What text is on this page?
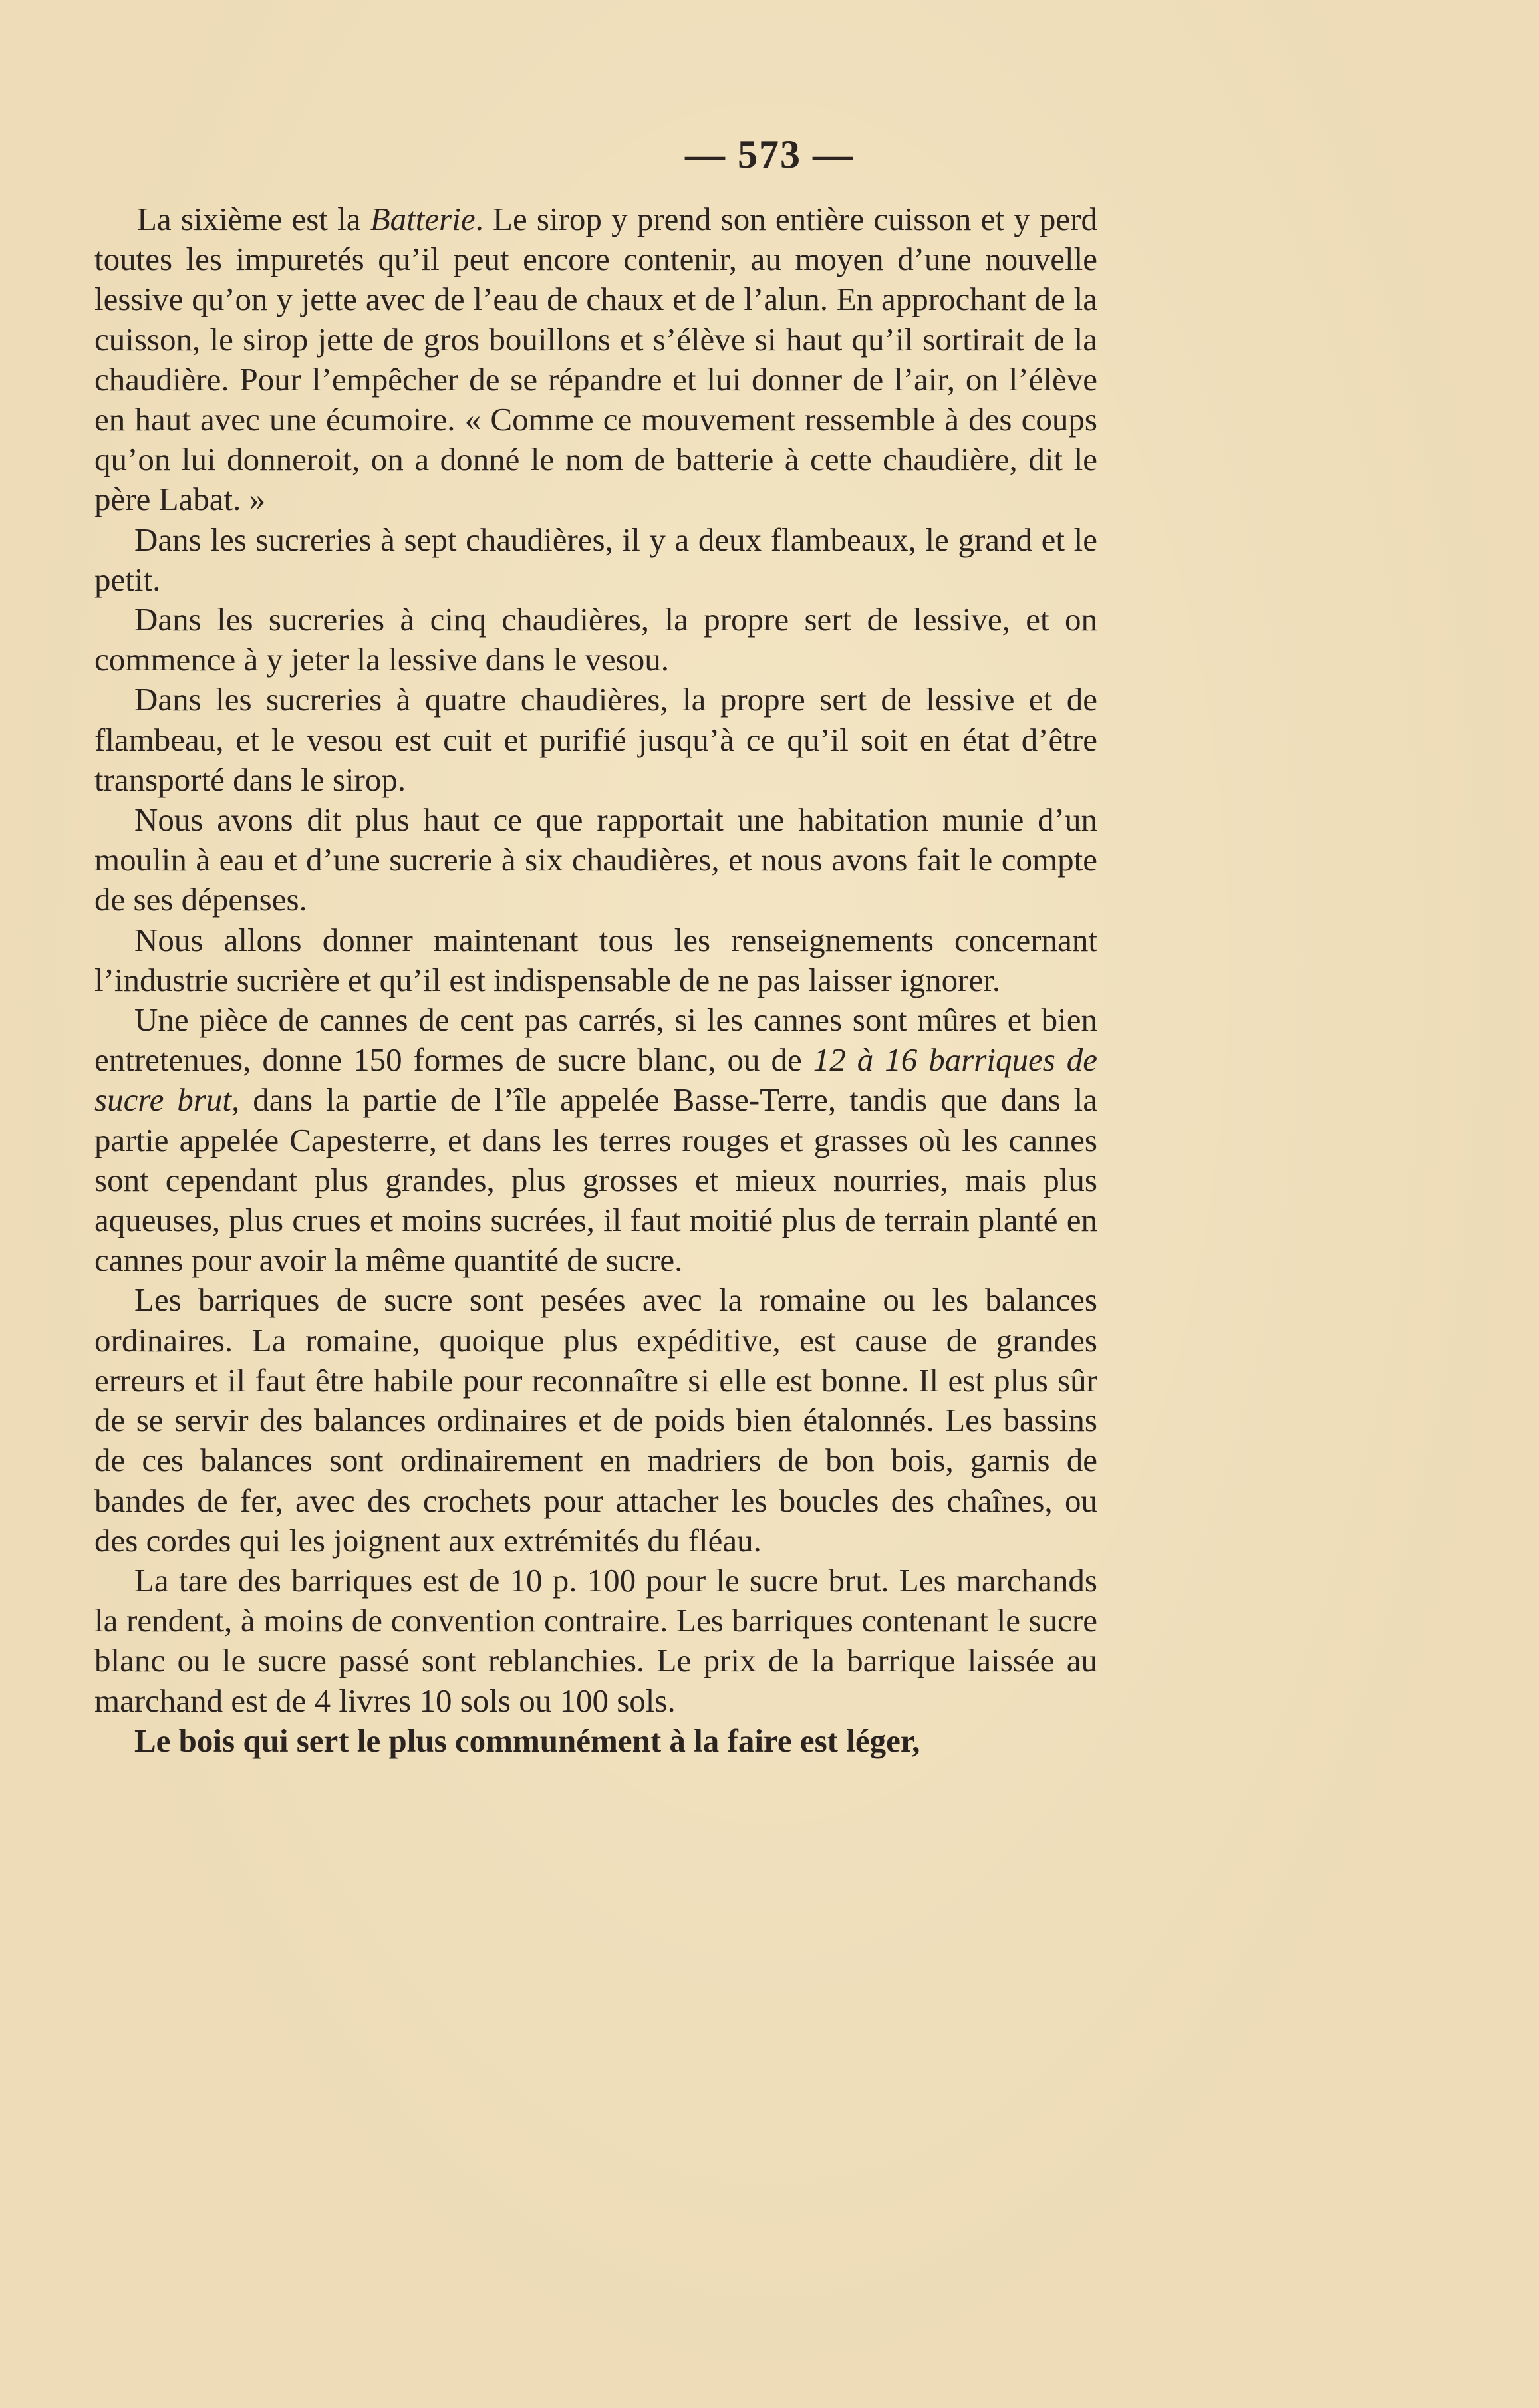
— 573 —

La sixième est la Batterie. Le sirop y prend son entière cuisson et y perd toutes les impuretés qu’il peut encore contenir, au moyen d’une nouvelle lessive qu’on y jette avec de l’eau de chaux et de l’alun. En approchant de la cuisson, le sirop jette de gros bouillons et s’élève si haut qu’il sortirait de la chaudière. Pour l’empêcher de se répandre et lui donner de l’air, on l’élève en haut avec une écumoire. « Comme ce mouvement ressemble à des coups qu’on lui donneroit, on a donné le nom de batterie à cette chaudière, dit le père Labat. »

Dans les sucreries à sept chaudières, il y a deux flambeaux, le grand et le petit.

Dans les sucreries à cinq chaudières, la propre sert de lessive, et on commence à y jeter la lessive dans le vesou.

Dans les sucreries à quatre chaudières, la propre sert de lessive et de flambeau, et le vesou est cuit et purifié jusqu’à ce qu’il soit en état d’être transporté dans le sirop.

Nous avons dit plus haut ce que rapportait une habitation munie d’un moulin à eau et d’une sucrerie à six chaudières, et nous avons fait le compte de ses dépenses.

Nous allons donner maintenant tous les renseignements concernant l’industrie sucrière et qu’il est indispensable de ne pas laisser ignorer.

Une pièce de cannes de cent pas carrés, si les cannes sont mûres et bien entretenues, donne 150 formes de sucre blanc, ou de 12 à 16 barriques de sucre brut, dans la partie de l’île appelée Basse-Terre, tandis que dans la partie appelée Capesterre, et dans les terres rouges et grasses où les cannes sont cependant plus grandes, plus grosses et mieux nourries, mais plus aqueuses, plus crues et moins sucrées, il faut moitié plus de terrain planté en cannes pour avoir la même quantité de sucre.

Les barriques de sucre sont pesées avec la romaine ou les balances ordinaires. La romaine, quoique plus expéditive, est cause de grandes erreurs et il faut être habile pour reconnaître si elle est bonne. Il est plus sûr de se servir des balances ordinaires et de poids bien étalonnés. Les bassins de ces balances sont ordinairement en madriers de bon bois, garnis de bandes de fer, avec des crochets pour attacher les boucles des chaînes, ou des cordes qui les joignent aux extrémités du fléau.

La tare des barriques est de 10 p. 100 pour le sucre brut. Les marchands la rendent, à moins de convention contraire. Les barriques contenant le sucre blanc ou le sucre passé sont reblanchies. Le prix de la barrique laissée au marchand est de 4 livres 10 sols ou 100 sols.

Le bois qui sert le plus communément à la faire est léger,
